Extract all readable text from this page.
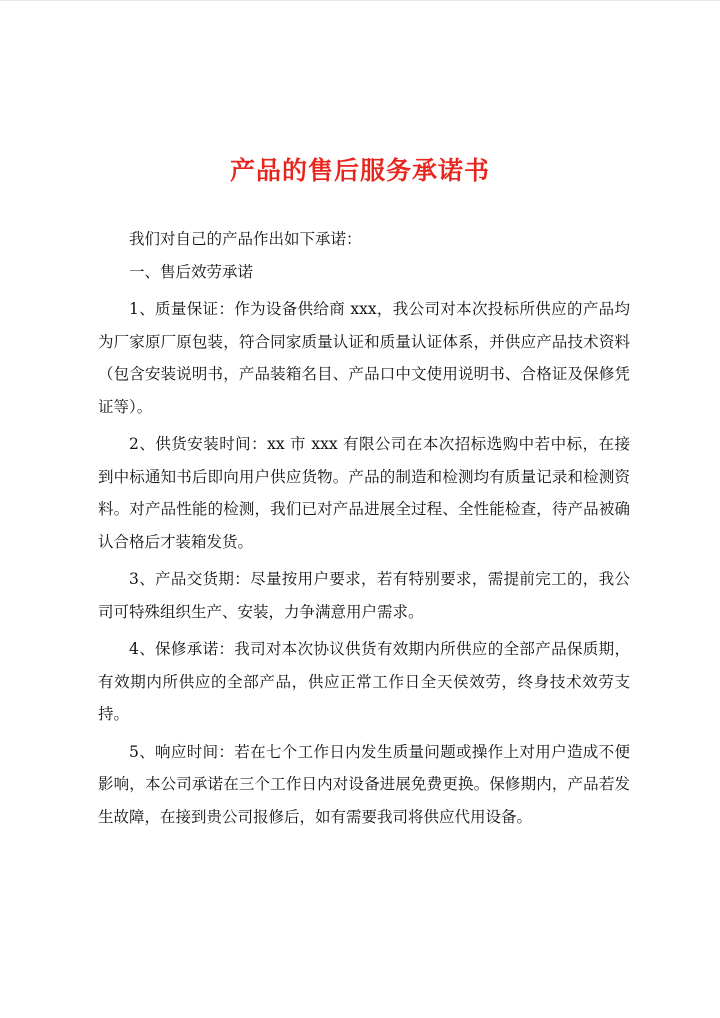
产品的售后服务承诺书

我们对自己的产品作出如下承诺：

一、售后效劳承诺

1、质量保证：作为设备供给商 xxx，我公司对本次投标所供应的产品均为厂家原厂原包装，符合同家质量认证和质量认证体系，并供应产品技术资料（包含安装说明书，产品装箱名目、产品口中文使用说明书、合格证及保修凭证等）。

2、供货安装时间：xx 市 xxx 有限公司在本次招标选购中若中标，在接到中标通知书后即向用户供应货物。产品的制造和检测均有质量记录和检测资料。对产品性能的检测，我们已对产品进展全过程、全性能检查，待产品被确认合格后才装箱发货。

3、产品交货期：尽量按用户要求，若有特别要求，需提前完工的，我公司可特殊组织生产、安装，力争满意用户需求。

4、保修承诺：我司对本次协议供货有效期内所供应的全部产品保质期，有效期内所供应的全部产品，供应正常工作日全天侯效劳，终身技术效劳支持。

5、响应时间：若在七个工作日内发生质量问题或操作上对用户造成不便影响，本公司承诺在三个工作日内对设备进展免费更换。保修期内，产品若发生故障，在接到贵公司报修后，如有需要我司将供应代用设备。
